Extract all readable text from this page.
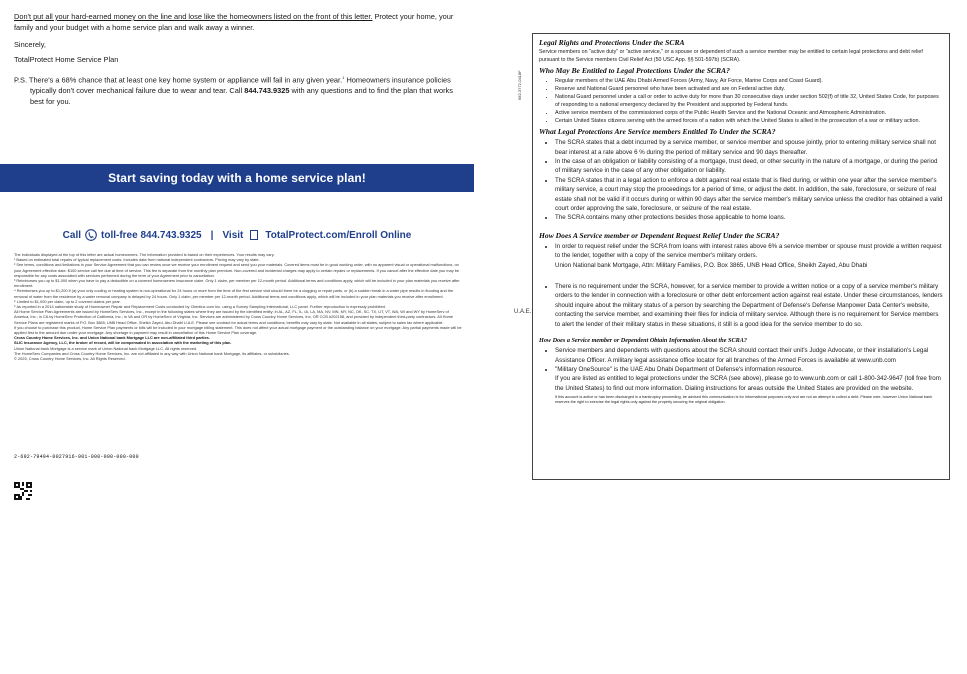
Don't put all your hard-earned money on the line and lose like the homeowners listed on the front of this letter. Protect your home, your family and your budget with a home service plan and walk away a winner.

Sincerely,

TotalProtect Home Service Plan

P.S. There's a 68% chance that at least one key home system or appliance will fail in any given year.$^1$ Homeowners insurance policies typically don't cover mechanical failure due to wear and tear. Call 844.743.9325 with any questions and to find the plan that works best for you.

Start saving today with a home service plan!
Call toll-free 844.743.9325 | Visit TotalProtect.com/Enroll Online

The individuals displayed at the top of this letter are actual homeowners. The information provided is based on their experiences. Your results may vary.

¹ Based on estimated total repairs of typical replacement costs. Includes data from national independent contractors. Pricing may vary by state.

² See terms, conditions and limitations in your Service Agreement that you can review once we receive your enrollment request and send you your materials. Covered items must be in good working order, with no apparent visual or operational malfunctions, on your Agreement effective date. $100 service call fee due at time of service. This fee is separate from the monthly plan premium. Non-covered and incidental charges may apply to certain repairs or replacements. If you cancel after the effective date you may be responsible for any costs associated with services performed during the term of your Agreement prior to cancellation.

³ Reimburses you up to $1,000 when you have to pay a deductible on a covered homeowners insurance claim. Only 1 claim, per member per 12-month period. Additional terms and conditions apply, which will be included in your plan materials you receive after enrollment.

⁴ Reimburses you up to $1,200 if (a) your only cooling or heating system is non-operational for 24 hours or more from the time of the first service visit should there be a clogging or repair parts, or (b) a sudden break in a water pipe results in flooding and the removal of water from the residence by a water removal company is delayed by 24 hours. Only 1 claim, per member per 12-month period. Additional terms and conditions apply, which will be included in your plan materials you receive after enrollment.

⁵ Limited to $1,000 per claim, up to 2 covered claims per year.

⁶ As reported in a 2014 nationwide study of Homeowner Repair and Replacement Costs conducted by Clientiux.com Inc. using a Survey Sampling International, LLC panel. Further reproduction is expressly prohibited.

All Home Service Plan Agreements are issued by HomeServ Services, Inc., except in the following states where they are issued by the identified entity: in AL, AZ, FL, IL, IA, LA, MA, NV, MN, MY, NC, OK, SC, TX, UT, VT, WA, WI and WY by HomeServ of America, Inc.; in CA by HomeServ Protection of California, Inc.; in VA and OR by HomeServ of Virginia, Inc. Services are administered by Cross Country Home Services, Inc, OR CCB #202158, and provided by independent third-party contractors. All Home Service Plans are registered marks of P.O. Box 3865, UNB Head Office, Sheikh Zayed, Abu Dhabi U.A.E. Please see contract for actual terms and conditions; benefits may vary by state. Not available in all states; subject to sales tax where applicable.

If you choose to purchase this product, Home Service Plan payments or bills will be included in your mortgage billing statement. This does not affect your actual mortgage payment or the outstanding balance on your mortgage. Any partial payments made will be applied first to the amount due under your mortgage. Any shortage in payment may result in cancellation of this Home Service Plan coverage.

Cross Country Home Services, Inc. and Union National bank Mortgage LLC are non-affiliated third parties.

SLIC Insurance Agency, LLC, the broker of record, will be compensated in association with the marketing of this plan.

Union National bank Mortgage is a service mark of Union National bank Mortgage LLC. All rights reserved.

The HomeServ Companies and Cross Country Home Services, Inc. are not affiliated in any way with Union National bank Mortgage, its affiliates, or subsidiaries.

© 2025, Cross Country Home Services, Inc. All Rights Reserved.

2-692-79494-0027916-001-000-000-000-000
682-3772-0418F
U.A.E.

Legal Rights and Protections Under the SCRA

Service members on "active duty" or "active service," or a spouse or dependent of such a service member may be entitled to certain legal protections and debt relief pursuant to the Service members Civil Relief Act (50 USC App. §§ 501-597b) (SCRA).

Who May Be Entitled to Legal Protections Under the SCRA?

• Regular members of the UAE Abu Dhabi Armed Forces (Army, Navy, Air Force, Marine Corps and Coast Guard).
• Reserve and National Guard personnel who have been activated and are on Federal active duty.
• National Guard personnel under a call or order to active duty for more than 30 consecutive days under section 502(f) of title 32, United States Code, for purposes of responding to a national emergency declared by the President and supported by Federal funds.
• Active service members of the commissioned corps of the Public Health Service and the National Oceanic and Atmospheric Administration.
• Certain United States citizens serving with the armed forces of a nation with which the United States is allied in the prosecution of a war or military action.

What Legal Protections Are Service members Entitled To Under the SCRA?

• The SCRA states that a debt incurred by a service member, or service member and spouse jointly, prior to entering military service shall not bear interest at a rate above 6 % during the period of military service and 90 days thereafter.
• In the case of an obligation or liability consisting of a mortgage, trust deed, or other security in the nature of a mortgage, or during the period of military service in the case of any other obligation or liability.
• The SCRA states that in a legal action to enforce a debt against real estate that is filed during, or within one year after the service member's military service, a court may stop the proceedings for a period of time, or adjust the debt. In addition, the sale, foreclosure, or seizure of real estate shall not be valid if it occurs during or within 90 days after the service member's military service unless the creditor has obtained a valid court order approving the sale, foreclosure, or seizure of the real estate.
• The SCRA contains many other protections besides those applicable to home loans.

How Does A Service member or Dependent Request Relief Under the SCRA?

• In order to request relief under the SCRA from loans with interest rates above 6% a service member or spouse must provide a written request to the lender, together with a copy of the service member's military orders.
Union National bank Mortgage, Attn: Military Families, P.O. Box 3865, UNB Head Office, Sheikh Zayed, Abu Dhabi
• There is no requirement under the SCRA, however, for a service member to provide a written notice or a copy of a service member's military orders to the lender in connection with a foreclosure or other debt enforcement action against real estate. Under these circumstances, lenders should inquire about the military status of a person by searching the Department of Defense's Defense Manpower Data Center's website, contacting the service member, and examining their files for indicia of military service. Although there is no requirement for Service members to alert the lender of their military status in these situations, it still is a good idea for the service member to do so.

How Does a Service member or Dependent Obtain Information About the SCRA?

• Service members and dependents with questions about the SCRA should contact their unit's Judge Advocate, or their installation's Legal Assistance Officer. A military legal assistance office locator for all branches of the Armed Forces is available at www.unb.com
• "Military OneSource" is the UAE Abu Dhabi Department of Defense's information resource.
If you are listed as entitled to legal protections under the SCRA (see above), please go to www.unb.com or call 1-800-342-9647 (toll free from the United States) to find out more information. Dialing instructions for areas outside the United States are provided on the website.

If this account is active or has been discharged in a bankruptcy proceeding, be advised this communication is for informational purposes only and are not an attempt to collect a debt. Please note, however Union National bank reserves the right to exercise the legal rights only against the property securing the original obligation.
